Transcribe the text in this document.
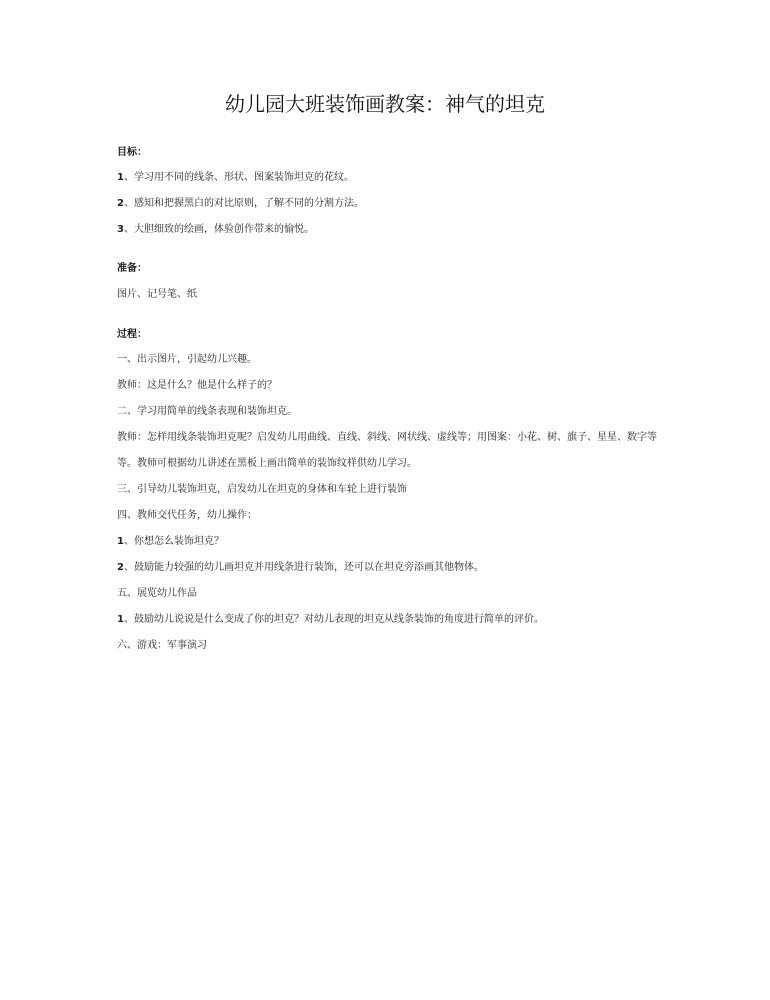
幼儿园大班装饰画教案：神气的坦克

目标：

1、学习用不同的线条、形状、图案装饰坦克的花纹。

2、感知和把握黑白的对比原则，了解不同的分割方法。

3、大胆细致的绘画，体验创作带来的愉悦。

准备：

图片、记号笔、纸

过程：

一、出示图片，引起幼儿兴趣。

教师：这是什么？他是什么样子的？

二、学习用简单的线条表现和装饰坦克。

教师：怎样用线条装饰坦克呢？启发幼儿用曲线、直线、斜线、网状线、虚线等；用图案：小花、树、旗子、星星、数字等等。教师可根据幼儿讲述在黑板上画出简单的装饰纹样供幼儿学习。

三、引导幼儿装饰坦克，启发幼儿在坦克的身体和车轮上进行装饰

四、教师交代任务，幼儿操作：

1、你想怎么装饰坦克？

2、鼓励能力较强的幼儿画坦克并用线条进行装饰，还可以在坦克旁添画其他物体。

五、展览幼儿作品

1、鼓励幼儿说说是什么变成了你的坦克？对幼儿表现的坦克从线条装饰的角度进行简单的评价。

六、游戏：军事演习
